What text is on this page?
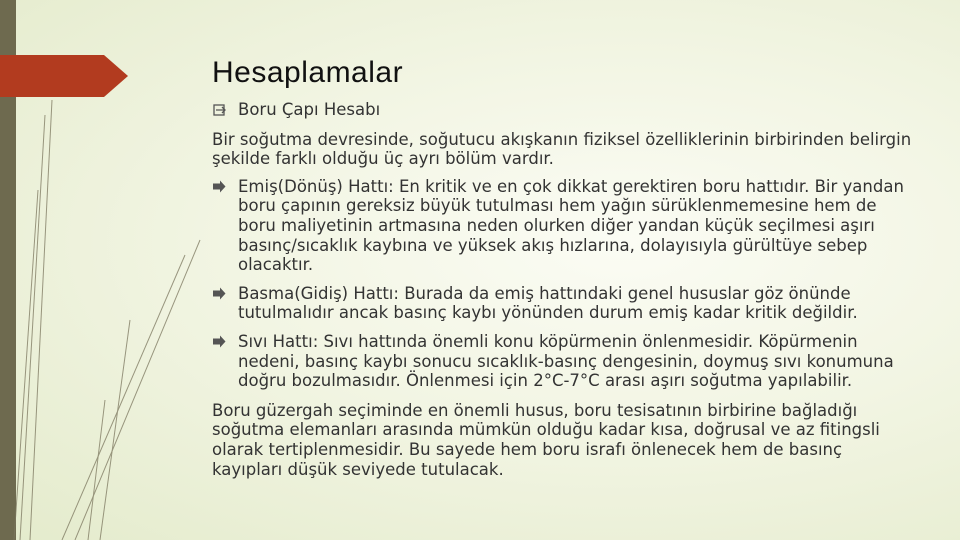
Hesaplamalar
Boru Çapı Hesabı

Bir soğutma devresinde, soğutucu akışkanın fiziksel özelliklerinin birbirinden belirgin şekilde farklı olduğu üç ayrı bölüm vardır.

Emiş(Dönüş) Hattı: En kritik ve en çok dikkat gerektiren boru hattıdır. Bir yandan boru çapının gereksiz büyük tutulması hem yağın sürüklenmemesine hem de boru maliyetinin artmasına neden olurken diğer yandan küçük seçilmesi aşırı basınç/sıcaklık kaybına ve yüksek akış hızlarına, dolayısıyla gürültüye sebep olacaktır.
Basma(Gidiş) Hattı: Burada da emiş hattındaki genel hususlar göz önünde tutulmalıdır ancak basınç kaybı yönünden durum emiş kadar kritik değildir.
Sıvı Hattı: Sıvı hattında önemli konu köpürmenin önlenmesidir. Köpürmenin nedeni, basınç kaybı sonucu sıcaklık-basınç dengesinin, doymuş sıvı konumuna doğru bozulmasıdır. Önlenmesi için 2°C-7°C arası aşırı soğutma yapılabilir.

Boru güzergah seçiminde en önemli husus, boru tesisatının birbirine bağladığı soğutma elemanları arasında mümkün olduğu kadar kısa, doğrusal ve az fitingsli olarak tertiplenmesidir. Bu sayede hem boru israfı önlenecek hem de basınç kayıpları düşük seviyede tutulacak.
